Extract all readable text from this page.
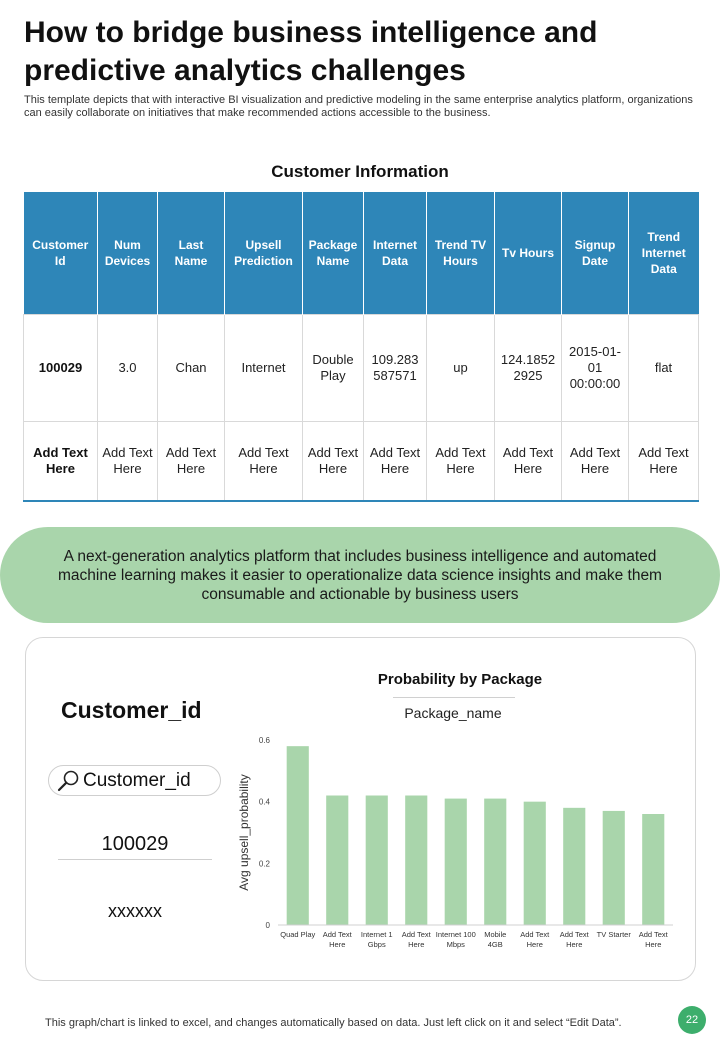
How to bridge business intelligence and predictive analytics challenges
This template depicts that with interactive BI visualization and predictive modeling in the same enterprise analytics platform, organizations can easily collaborate on initiatives that make recommended actions accessible to the business.
Customer Information
Customer Id	Num Devices	Last Name	Upsell Prediction	Package Name	Internet Data	Trend TV Hours	Tv Hours	Signup Date	Trend Internet Data
100029	3.0	Chan	Internet	Double Play	109.283 587571	up	124.1852 2925	2015-01-01 00:00:00	flat
Add Text Here	Add Text Here	Add Text Here	Add Text Here	Add Text Here	Add Text Here	Add Text Here	Add Text Here	Add Text Here	Add Text Here
A next-generation analytics platform that includes business intelligence and automated machine learning makes it easier to operationalize data science insights and make them consumable and actionable by business users
Customer_id
Customer_id
100029
xxxxxx
Probability by Package
Package_name
Avg upsell_probability
0
0.2
0.4
0.6
Quad Play Add Text Here
Internet 1 Gbps
Add Text Here
Internet 100 Mbps
Mobile 4GB
Add Text Here
Add Text Here
TV Starter Add Text Here
This graph/chart is linked to excel, and changes automatically based on data. Just left click on it and select “Edit Data”.	22
